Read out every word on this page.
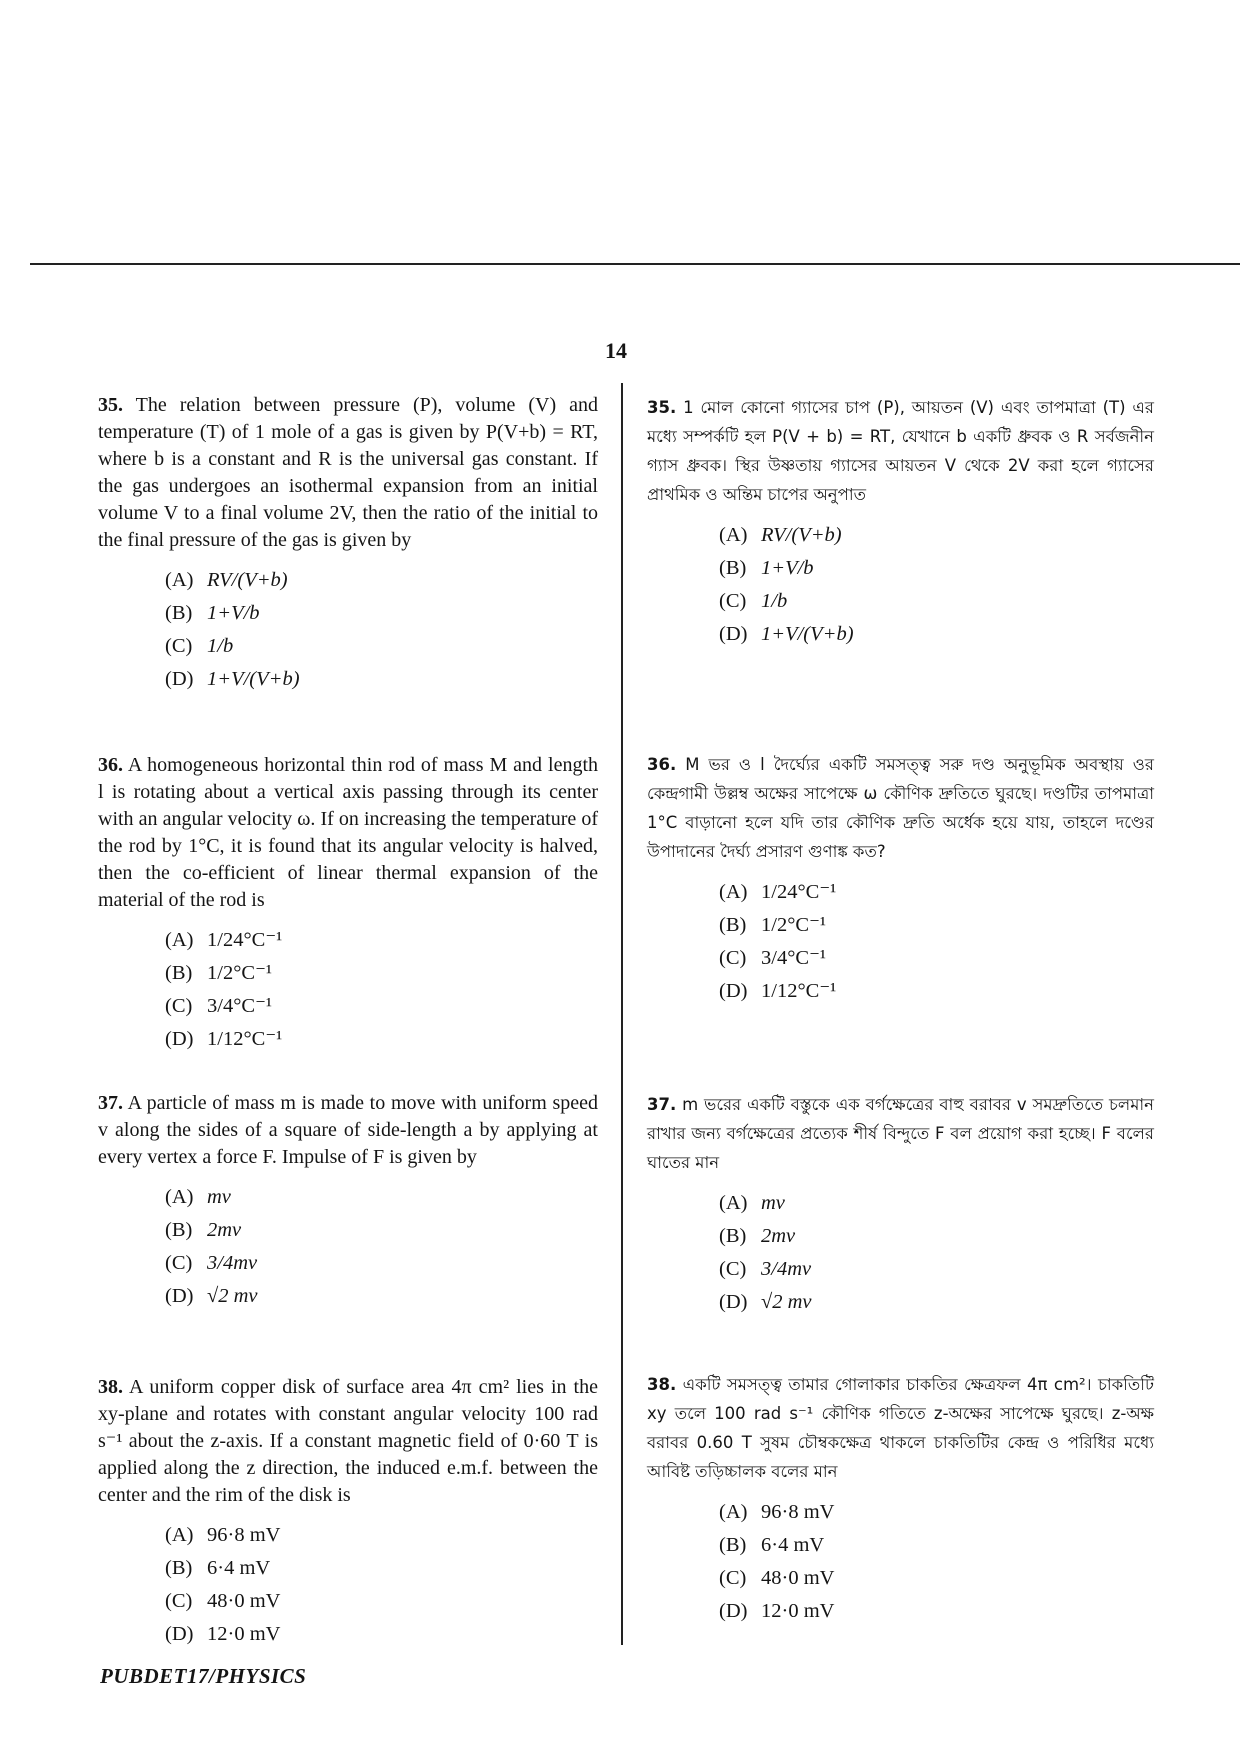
14

35. The relation between pressure (P), volume (V) and temperature (T) of 1 mole of a gas is given by P(V+b) = RT, where b is a constant and R is the universal gas constant. If the gas undergoes an isothermal expansion from an initial volume V to a final volume 2V, then the ratio of the initial to the final pressure of the gas is given by

(A) RV/(V+b)
(B) 1+V/b
(C) 1/b
(D) 1+V/(V+b)

35. 1 মোল কোনো গ্যাসের চাপ (P), আয়তন (V) এবং তাপমাত্রা (T) এর মধ্যে সম্পর্কটি হল P(V + b) = RT, যেখানে b একটি ধ্রুবক ও R সর্বজনীন গ্যাস ধ্রুবক। স্থির উষ্ণতায় গ্যাসের আয়তন V থেকে 2V করা হলে গ্যাসের প্রাথমিক ও অন্তিম চাপের অনুপাত

(A) RV/(V+b)
(B) 1+V/b
(C) 1/b
(D) 1+V/(V+b)

36. A homogeneous horizontal thin rod of mass M and length l is rotating about a vertical axis passing through its center with an angular velocity ω. If on increasing the temperature of the rod by 1°C, it is found that its angular velocity is halved, then the co-efficient of linear thermal expansion of the material of the rod is

(A) 1/24°C⁻¹
(B) 1/2°C⁻¹
(C) 3/4°C⁻¹
(D) 1/12°C⁻¹

36. M ভর ও l দৈর্ঘ্যের একটি সমসত্ত্ব সরু দণ্ড অনুভূমিক অবস্থায় ওর কেন্দ্রগামী উল্লম্ব অক্ষের সাপেক্ষে ω কৌণিক দ্রুতিতে ঘুরছে। দণ্ডটির তাপমাত্রা 1°C বাড়ানো হলে যদি তার কৌণিক দ্রুতি অর্ধেক হয়ে যায়, তাহলে দণ্ডের উপাদানের দৈর্ঘ্য প্রসারণ গুণাঙ্ক কত?

(A) 1/24°C⁻¹
(B) 1/2°C⁻¹
(C) 3/4°C⁻¹
(D) 1/12°C⁻¹

37. A particle of mass m is made to move with uniform speed v along the sides of a square of side-length a by applying at every vertex a force F. Impulse of F is given by

(A) mv
(B) 2mv
(C) 3/4mv
(D) √2 mv

37. m ভরের একটি বস্তুকে এক বর্গক্ষেত্রের বাহু বরাবর v সমদ্রুতিতে চলমান রাখার জন্য বর্গক্ষেত্রের প্রত্যেক শীর্ষ বিন্দুতে F বল প্রয়োগ করা হচ্ছে। F বলের ঘাতের মান

(A) mv
(B) 2mv
(C) 3/4mv
(D) √2 mv

38. A uniform copper disk of surface area 4π cm² lies in the xy-plane and rotates with constant angular velocity 100 rad s⁻¹ about the z-axis. If a constant magnetic field of 0·60 T is applied along the z direction, the induced e.m.f. between the center and the rim of the disk is

(A) 96·8 mV
(B) 6·4 mV
(C) 48·0 mV
(D) 12·0 mV

38. একটি সমসত্ত্ব তামার গোলাকার চাকতির ক্ষেত্রফল 4π cm²। চাকতিটি xy তলে 100 rad s⁻¹ কৌণিক গতিতে z-অক্ষের সাপেক্ষে ঘুরছে। z-অক্ষ বরাবর 0.60 T সুষম চৌম্বকক্ষেত্র থাকলে চাকতিটির কেন্দ্র ও পরিধির মধ্যে আবিষ্ট তড়িচ্চালক বলের মান

(A) 96·8 mV
(B) 6·4 mV
(C) 48·0 mV
(D) 12·0 mV
PUBDET17/PHYSICS
